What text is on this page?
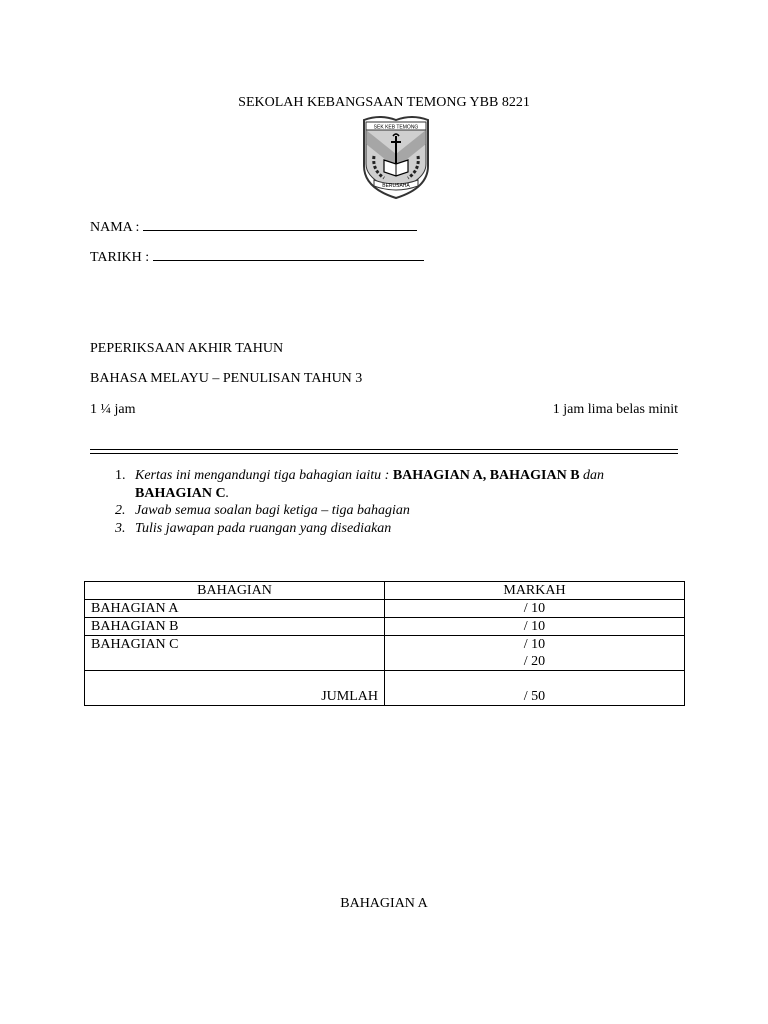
SEKOLAH KEBANGSAAN TEMONG YBB 8221
SEK KEB TEMONG
BERUSAHA
NAMA :
TARIKH :
PEPERIKSAAN AKHIR TAHUN
BAHASA MELAYU – PENULISAN TAHUN 3
1 ¼ jam	1 jam lima belas minit
1. Kertas ini mengandungi tiga bahagian iaitu : BAHAGIAN A, BAHAGIAN B dan BAHAGIAN C.
2. Jawab semua soalan bagi ketiga – tiga bahagian
3. Tulis jawapan pada ruangan yang disediakan
BAHAGIAN	MARKAH
BAHAGIAN A	/ 10
BAHAGIAN B	/ 10
BAHAGIAN C	/ 10
/ 20

JUMLAH	/ 50
BAHAGIAN A
